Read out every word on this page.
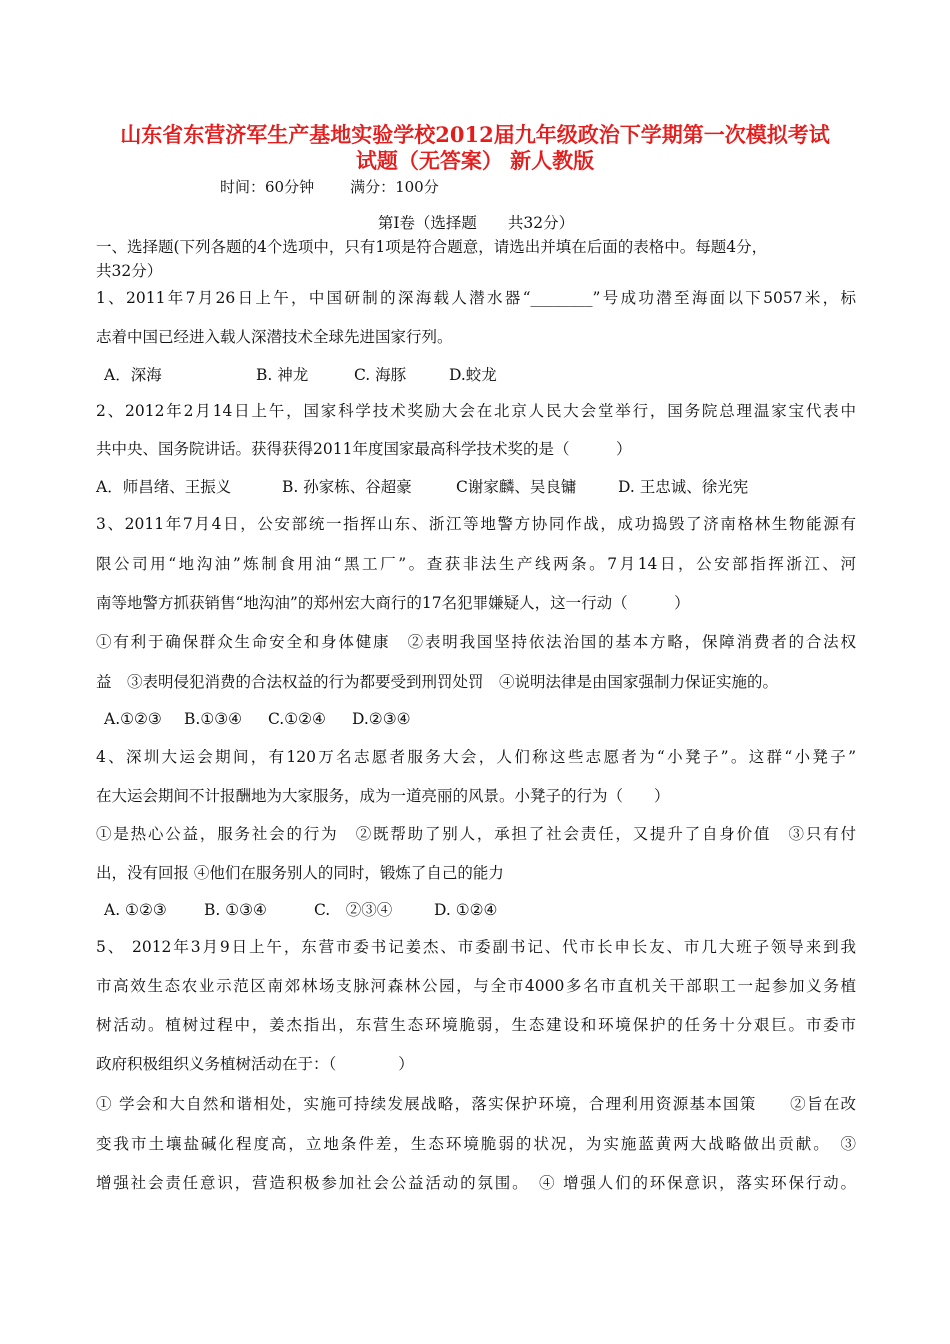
山东省东营济军生产基地实验学校2012届九年级政治下学期第一次模拟考试
试题（无答案） 新人教版
时间：60分钟 满分：100分
第Ⅰ卷（选择题　　共32分）
一、选择题(下列各题的4个选项中，只有1项是符合题意，请选出并填在后面的表格中。每题4分，
共32分）
1、2011年7月26日上午，中国研制的深海载人潜水器“________”号成功潜至海面以下5057米，标
志着中国已经进入载人深潜技术全球先进国家行列。
A．深海	B. 神龙	C. 海豚	D.蛟龙
2、2012年2月14日上午，国家科学技术奖励大会在北京人民大会堂举行，国务院总理温家宝代表中
共中央、国务院讲话。获得获得2011年度国家最高科学技术奖的是（　　　）
A．师昌绪、王振义	B. 孙家栋、谷超豪	C谢家麟、吴良镛	D. 王忠诚、徐光宪
3、2011年7月4日，公安部统一指挥山东、浙江等地警方协同作战，成功捣毁了济南格林生物能源有
限公司用“地沟油”炼制食用油“黑工厂”。查获非法生产线两条。7月14日，公安部指挥浙江、河
南等地警方抓获销售“地沟油”的郑州宏大商行的17名犯罪嫌疑人，这一行动（　　　）
①有利于确保群众生命安全和身体健康　②表明我国坚持依法治国的基本方略，保障消费者的合法权
益　③表明侵犯消费的合法权益的行为都要受到刑罚处罚　④说明法律是由国家强制力保证实施的。
A.①②③ B.①③④ C.①②④ D.②③④
4、深圳大运会期间，有120万名志愿者服务大会，人们称这些志愿者为“小凳子”。这群“小凳子”
在大运会期间不计报酬地为大家服务，成为一道亮丽的风景。小凳子的行为（　　）
①是热心公益，服务社会的行为　②既帮助了别人，承担了社会责任，又提升了自身价值　③只有付
出，没有回报 ④他们在服务别人的同时，锻炼了自己的能力
A. ①②③ B. ①③④	C.　②③④	D. ①②④
5、 2012年3月9日上午，东营市委书记姜杰、市委副书记、代市长申长友、市几大班子领导来到我
市高效生态农业示范区南郊林场支脉河森林公园，与全市4000多名市直机关干部职工一起参加义务植
树活动。植树过程中，姜杰指出，东营生态环境脆弱，生态建设和环境保护的任务十分艰巨。市委市
政府积极组织义务植树活动在于：（　　　　）
① 学会和大自然和谐相处，实施可持续发展战略，落实保护环境，合理利用资源基本国策　　②旨在改
变我市土壤盐碱化程度高，立地条件差，生态环境脆弱的状况，为实施蓝黄两大战略做出贡献。　③
增强社会责任意识，营造积极参加社会公益活动的氛围。　④ 增强人们的环保意识，落实环保行动。
